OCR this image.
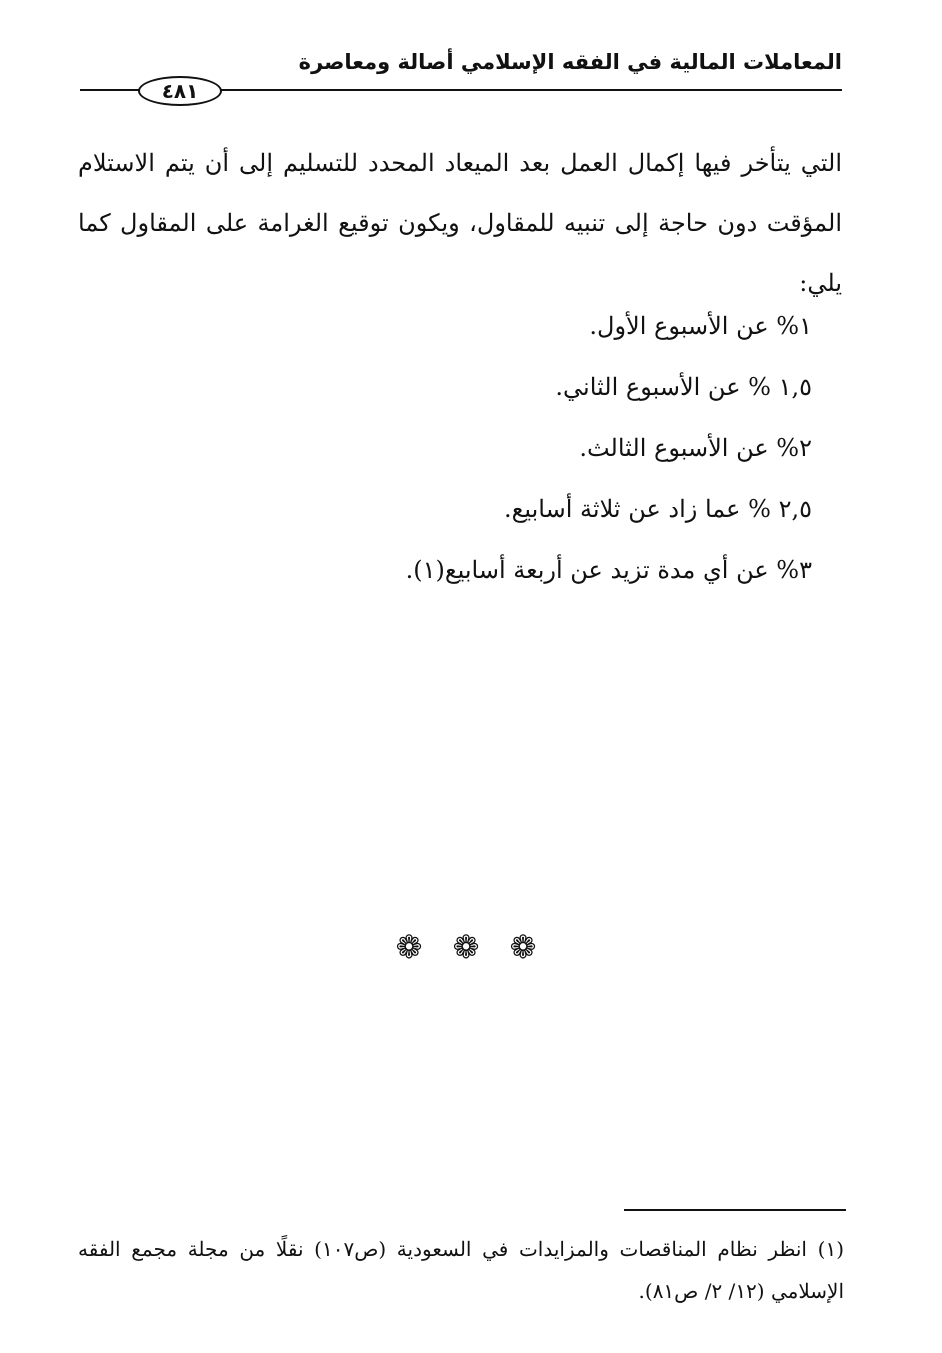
المعاملات المالية في الفقه الإسلامي أصالة ومعاصرة
٤٨١

التي يتأخر فيها إكمال العمل بعد الميعاد المحدد للتسليم إلى أن يتم الاستلام المؤقت دون حاجة إلى تنبيه للمقاول، ويكون توقيع الغرامة على المقاول كما يلي:

١% عن الأسبوع الأول.
١,٥ % عن الأسبوع الثاني.
٢% عن الأسبوع الثالث.
٢,٥ % عما زاد عن ثلاثة أسابيع.
٣% عن أي مدة تزيد عن أربعة أسابيع(١).
❁ ❁ ❁

(١) انظر نظام المناقصات والمزايدات في السعودية (ص١٠٧) نقلًا من مجلة مجمع الفقه الإسلامي (١٢/ ٢/ ص٨١).
